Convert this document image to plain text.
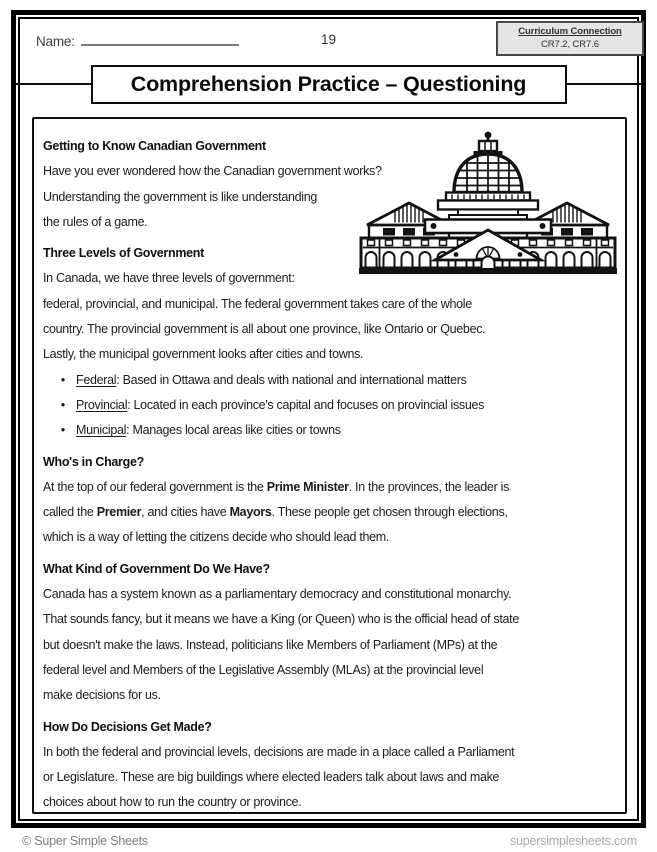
Name:	19
Curriculum Connection
CR7.2, CR7.6
Comprehension Practice – Questioning
Getting to Know Canadian Government

Have you ever wondered how the Canadian government works?
Understanding the government is like understanding
the rules of a game.

Three Levels of Government

In Canada, we have three levels of government:
federal, provincial, and municipal. The federal government takes care of the whole
country. The provincial government is all about one province, like Ontario or Quebec.
Lastly, the municipal government looks after cities and towns.

• Federal: Based in Ottawa and deals with national and international matters
• Provincial: Located in each province's capital and focuses on provincial issues
• Municipal: Manages local areas like cities or towns
Who's in Charge?

At the top of our federal government is the Prime Minister. In the provinces, the leader is
called the Premier, and cities have Mayors. These people get chosen through elections,
which is a way of letting the citizens decide who should lead them.

What Kind of Government Do We Have?

Canada has a system known as a parliamentary democracy and constitutional monarchy.
That sounds fancy, but it means we have a King (or Queen) who is the official head of state
but doesn't make the laws. Instead, politicians like Members of Parliament (MPs) at the
federal level and Members of the Legislative Assembly (MLAs) at the provincial level
make decisions for us.

How Do Decisions Get Made?

In both the federal and provincial levels, decisions are made in a place called a Parliament
or Legislature. These are big buildings where elected leaders talk about laws and make
choices about how to run the country or province.

© Super Simple Sheets	supersimplesheets.com
